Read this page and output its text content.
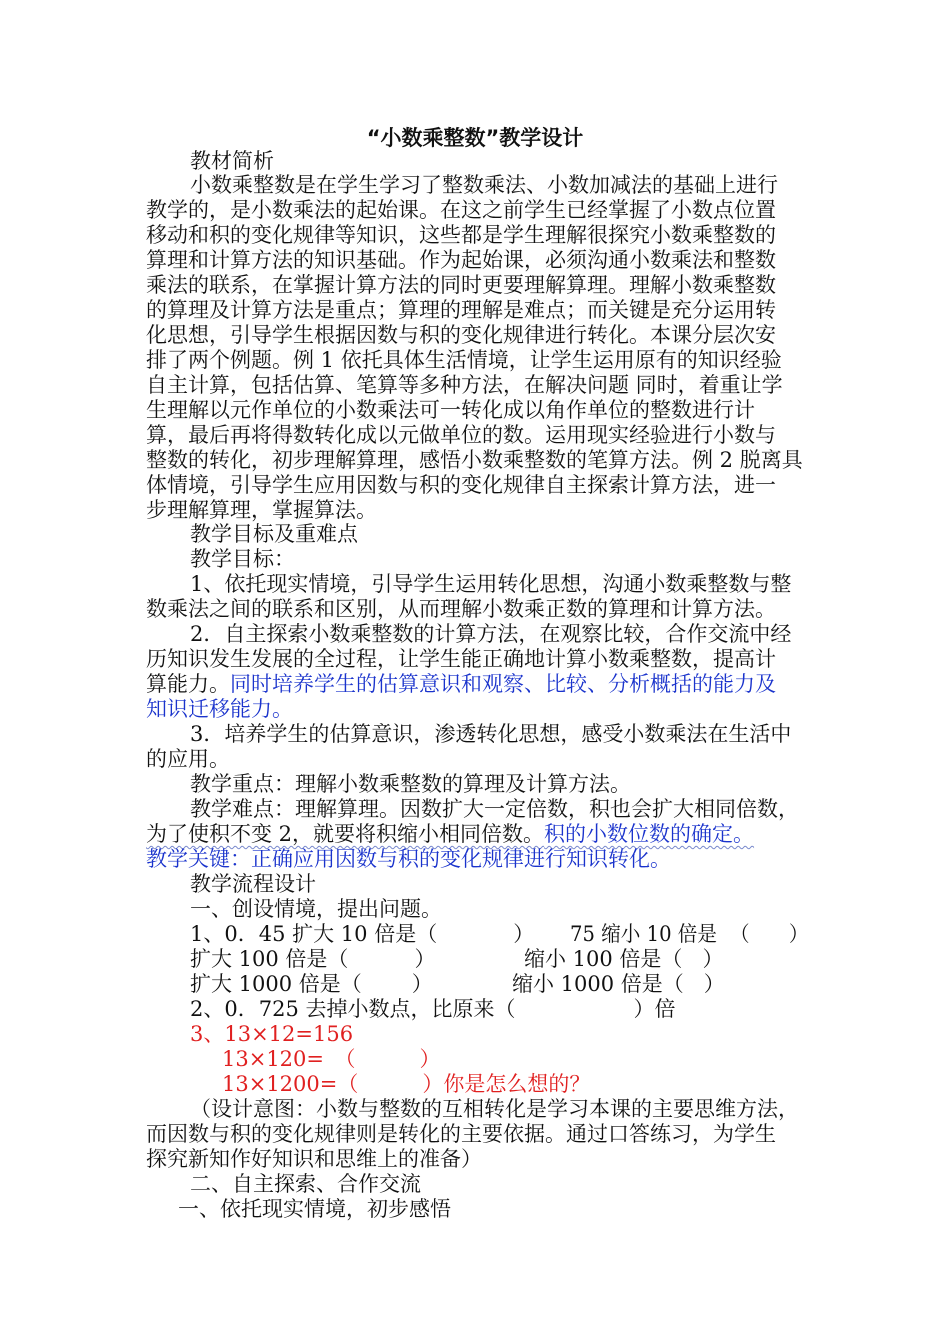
“小数乘整数”教学设计
教材简析
小数乘整数是在学生学习了整数乘法、小数加减法的基础上进行
教学的，是小数乘法的起始课。在这之前学生已经掌握了小数点位置
移动和积的变化规律等知识，这些都是学生理解很探究小数乘整数的
算理和计算方法的知识基础。作为起始课，必须沟通小数乘法和整数
乘法的联系，在掌握计算方法的同时更要理解算理。理解小数乘整数
的算理及计算方法是重点；算理的理解是难点；而关键是充分运用转
化思想，引导学生根据因数与积的变化规律进行转化。本课分层次安
排了两个例题。例 1 依托具体生活情境，让学生运用原有的知识经验
自主计算，包括估算、笔算等多种方法，在解决问题 同时，着重让学
生理解以元作单位的小数乘法可一转化成以角作单位的整数进行计
算，最后再将得数转化成以元做单位的数。运用现实经验进行小数与
整数的转化，初步理解算理，感悟小数乘整数的笔算方法。例 2 脱离具
体情境，引导学生应用因数与积的变化规律自主探索计算方法，进一
步理解算理，掌握算法。
教学目标及重难点
教学目标：
1、依托现实情境，引导学生运用转化思想，沟通小数乘整数与整
数乘法之间的联系和区别，从而理解小数乘正数的算理和计算方法。
2．自主探索小数乘整数的计算方法，在观察比较，合作交流中经
历知识发生发展的全过程，让学生能正确地计算小数乘整数，提高计
算能力。同时培养学生的估算意识和观察、比较、分析概括的能力及
知识迁移能力。
3．培养学生的估算意识，渗透转化思想，感受小数乘法在生活中
的应用。
教学重点：理解小数乘整数的算理及计算方法。
教学难点：理解算理。因数扩大一定倍数，积也会扩大相同倍数，
为了使积不变 2，就要将积缩小相同倍数。积的小数位数的确定。
教学关键：正确应用因数与积的变化规律进行知识转化。
教学流程设计
一、创设情境，提出问题。
1、0．45 扩大 10 倍是（	） 75 缩小 10 倍是 （　　）
扩大 100 倍是（	）	缩小 100 倍是（ ）
扩大 1000 倍是（ ）	缩小 1000 倍是（ ）
2、0．725 去掉小数点，比原来（	）倍
3、13×12=156
13×120=　（	）
13×1200=（	）你是怎么想的？
（设计意图：小数与整数的互相转化是学习本课的主要思维方法，
而因数与积的变化规律则是转化的主要依据。通过口答练习，为学生
探究新知作好知识和思维上的准备）
二、自主探索、合作交流
一、依托现实情境，初步感悟
